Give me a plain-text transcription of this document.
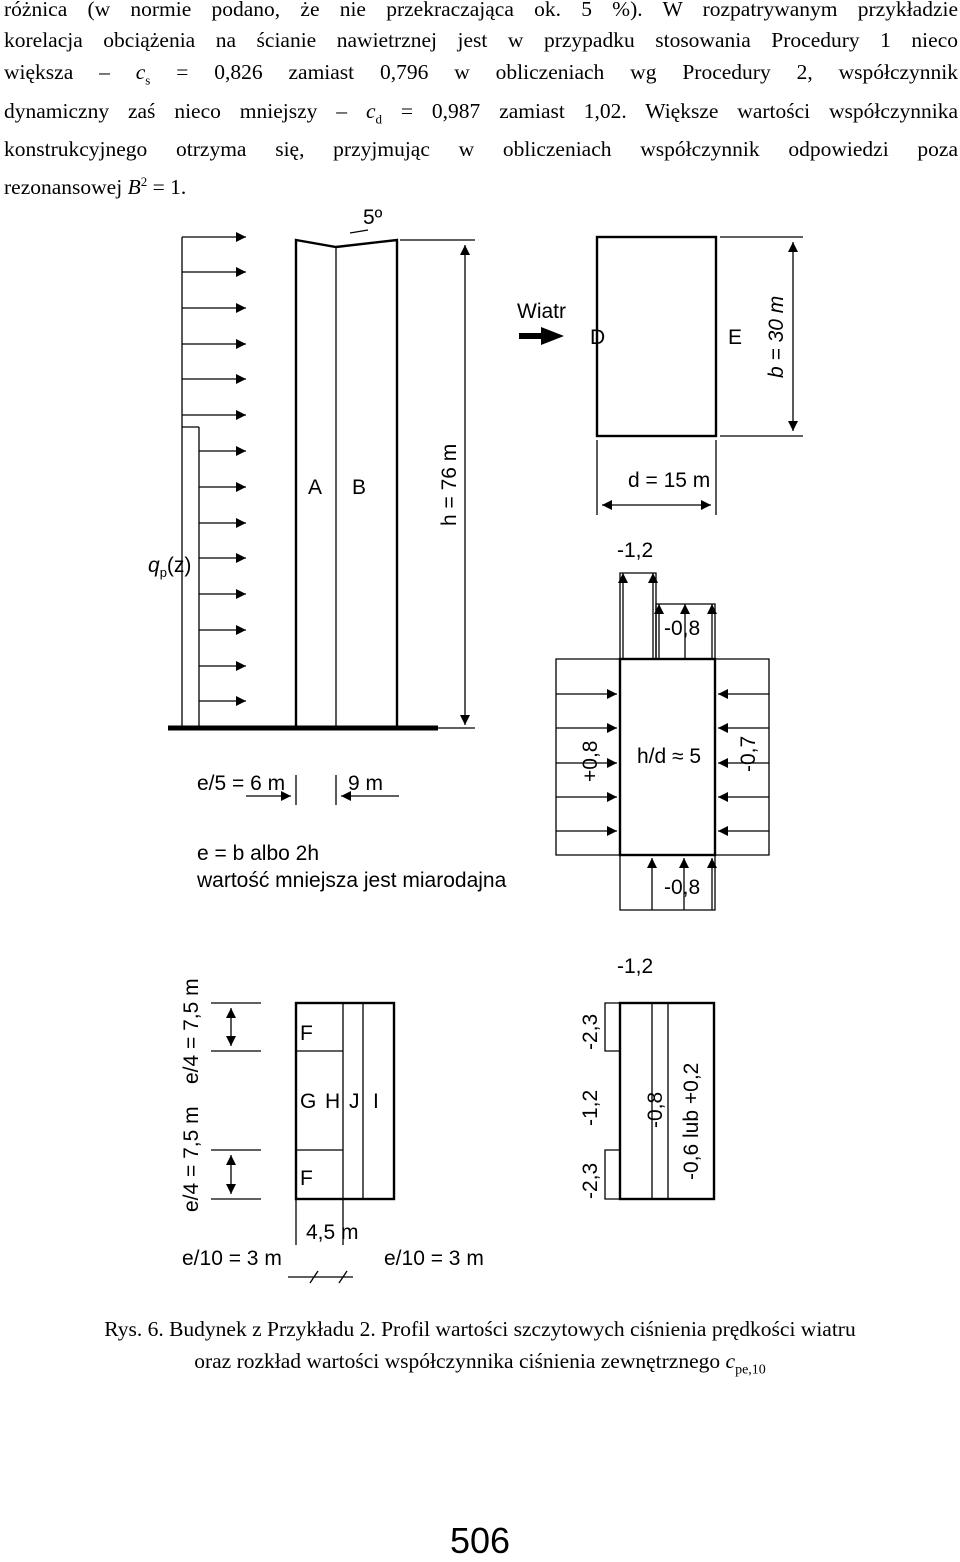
różnica (w normie podano, że nie przekraczająca ok. 5 %). W rozpatrywanym przykładzie

korelacja obciążenia na ścianie nawietrznej jest w przypadku stosowania Procedury 1 nieco

większa – $c_s = 0,826$ zamiast 0,796 w obliczeniach wg Procedury 2, współczynnik

dynamiczny zaś nieco mniejszy – $c_d = 0,987$ zamiast 1,02. Większe wartości współczynnika

konstrukcyjnego otrzyma się, przyjmując w obliczeniach współczynnik odpowiedzi poza

rezonansowej $B^2 = 1$.

5º
Wiatr
D	E b = 30 m
A B	h = 76 m	d = 15 m
$q_p(z)$
-1,2
-0,8
+0,8 h/d ≈ 5 -0,7
e/5 = 6 m	9 m
e = b albo 2h
wartość mniejsza jest miarodajna	-0,8
-1,2
e/4 = 7,5 m
e/4 = 7,5 m
F
G H J I
F
4,5 m
e/10 = 3 m	e/10 = 3 m
-2,3
-1,2
-2,3
-0,8 -0,6 lub +0,2
Rys. 6. Budynek z Przykładu 2. Profil wartości szczytowych ciśnienia prędkości wiatru
oraz rozkład wartości współczynnika ciśnienia zewnętrznego $c_{pe,10}$
506
